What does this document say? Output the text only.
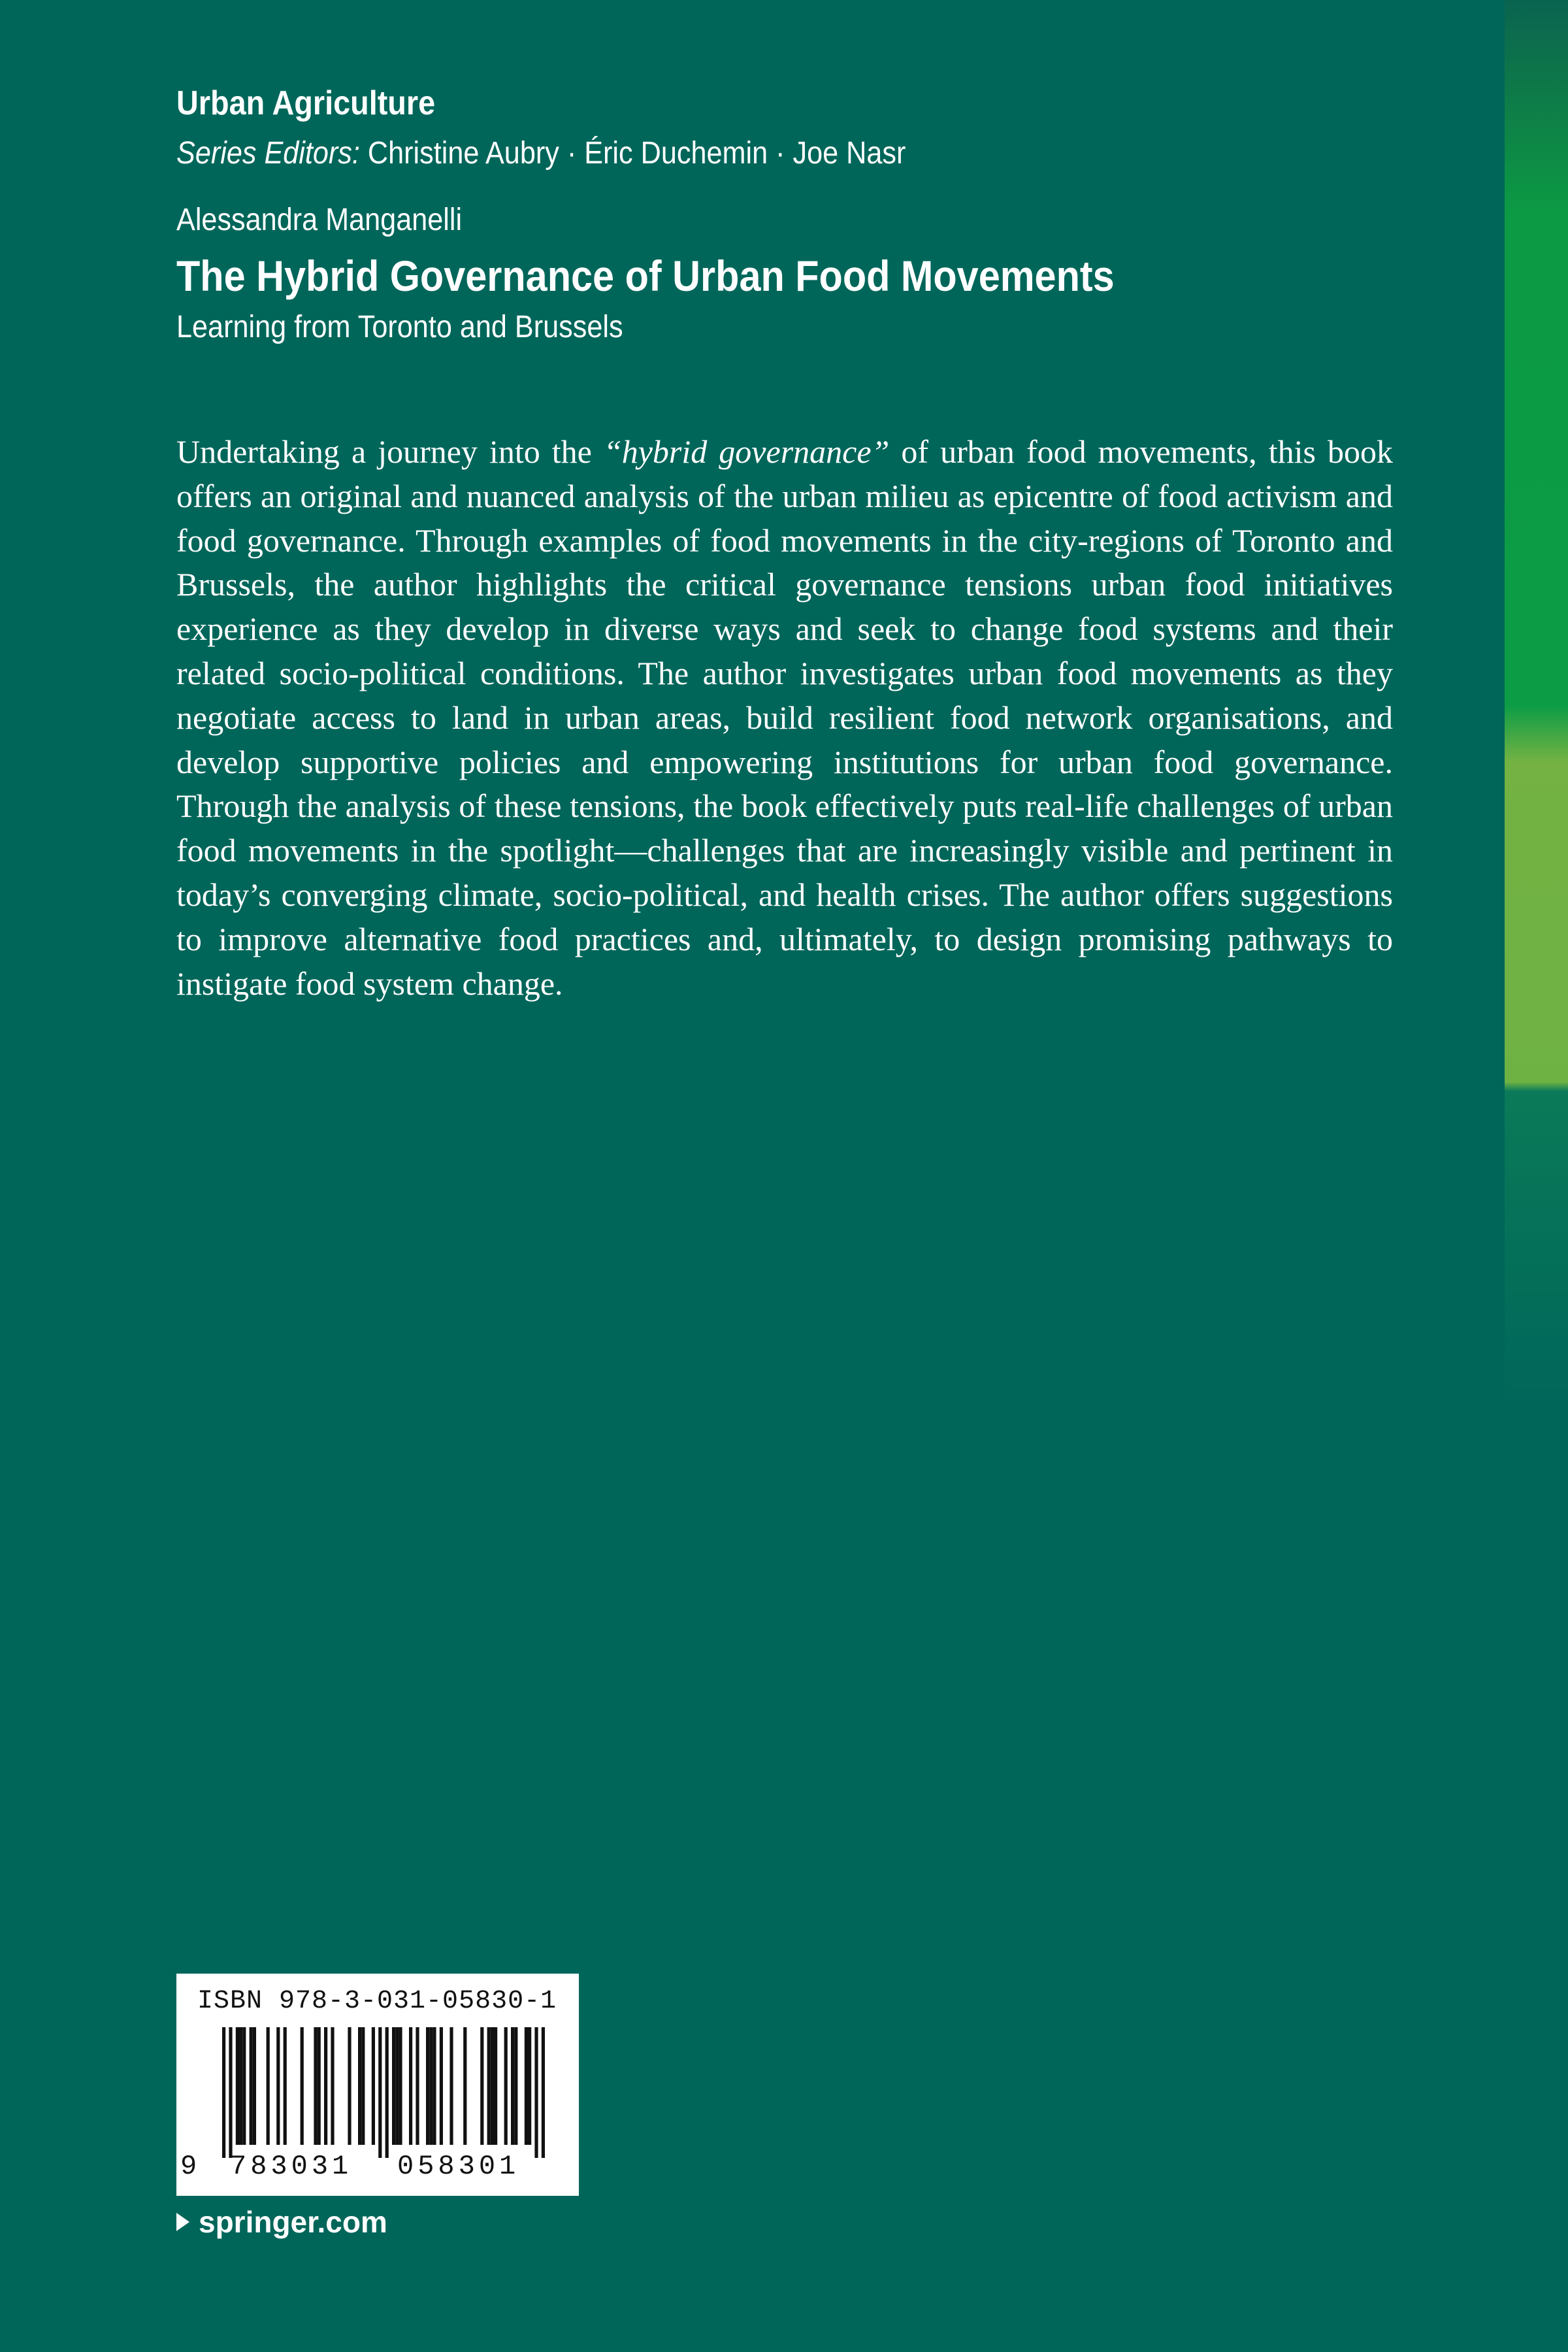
Urban Agriculture
Series Editors: Christine Aubry · Éric Duchemin · Joe Nasr
Alessandra Manganelli
The Hybrid Governance of Urban Food Movements
Learning from Toronto and Brussels
Undertaking a journey into the “hybrid governance” of urban food movements, this book offers an original and nuanced analysis of the urban milieu as epicentre of food activism and food governance. Through examples of food movements in the city-regions of Toronto and Brussels, the author highlights the critical governance tensions urban food initiatives experience as they develop in diverse ways and seek to change food systems and their related socio-political conditions. The author investigates urban food movements as they negotiate access to land in urban areas, build resilient food network organisations, and develop supportive policies and empowering institutions for urban food governance. Through the analysis of these tensions, the book effectively puts real-life challenges of urban food movements in the spotlight—challenges that are increasingly visible and pertinent in today’s converging climate, socio-political, and health crises. The author offers suggestions to improve alternative food practices and, ultimately, to design promising pathways to instigate food system change.
ISBN 978-3-031-05830-1
9 783031 058301
springer.com
